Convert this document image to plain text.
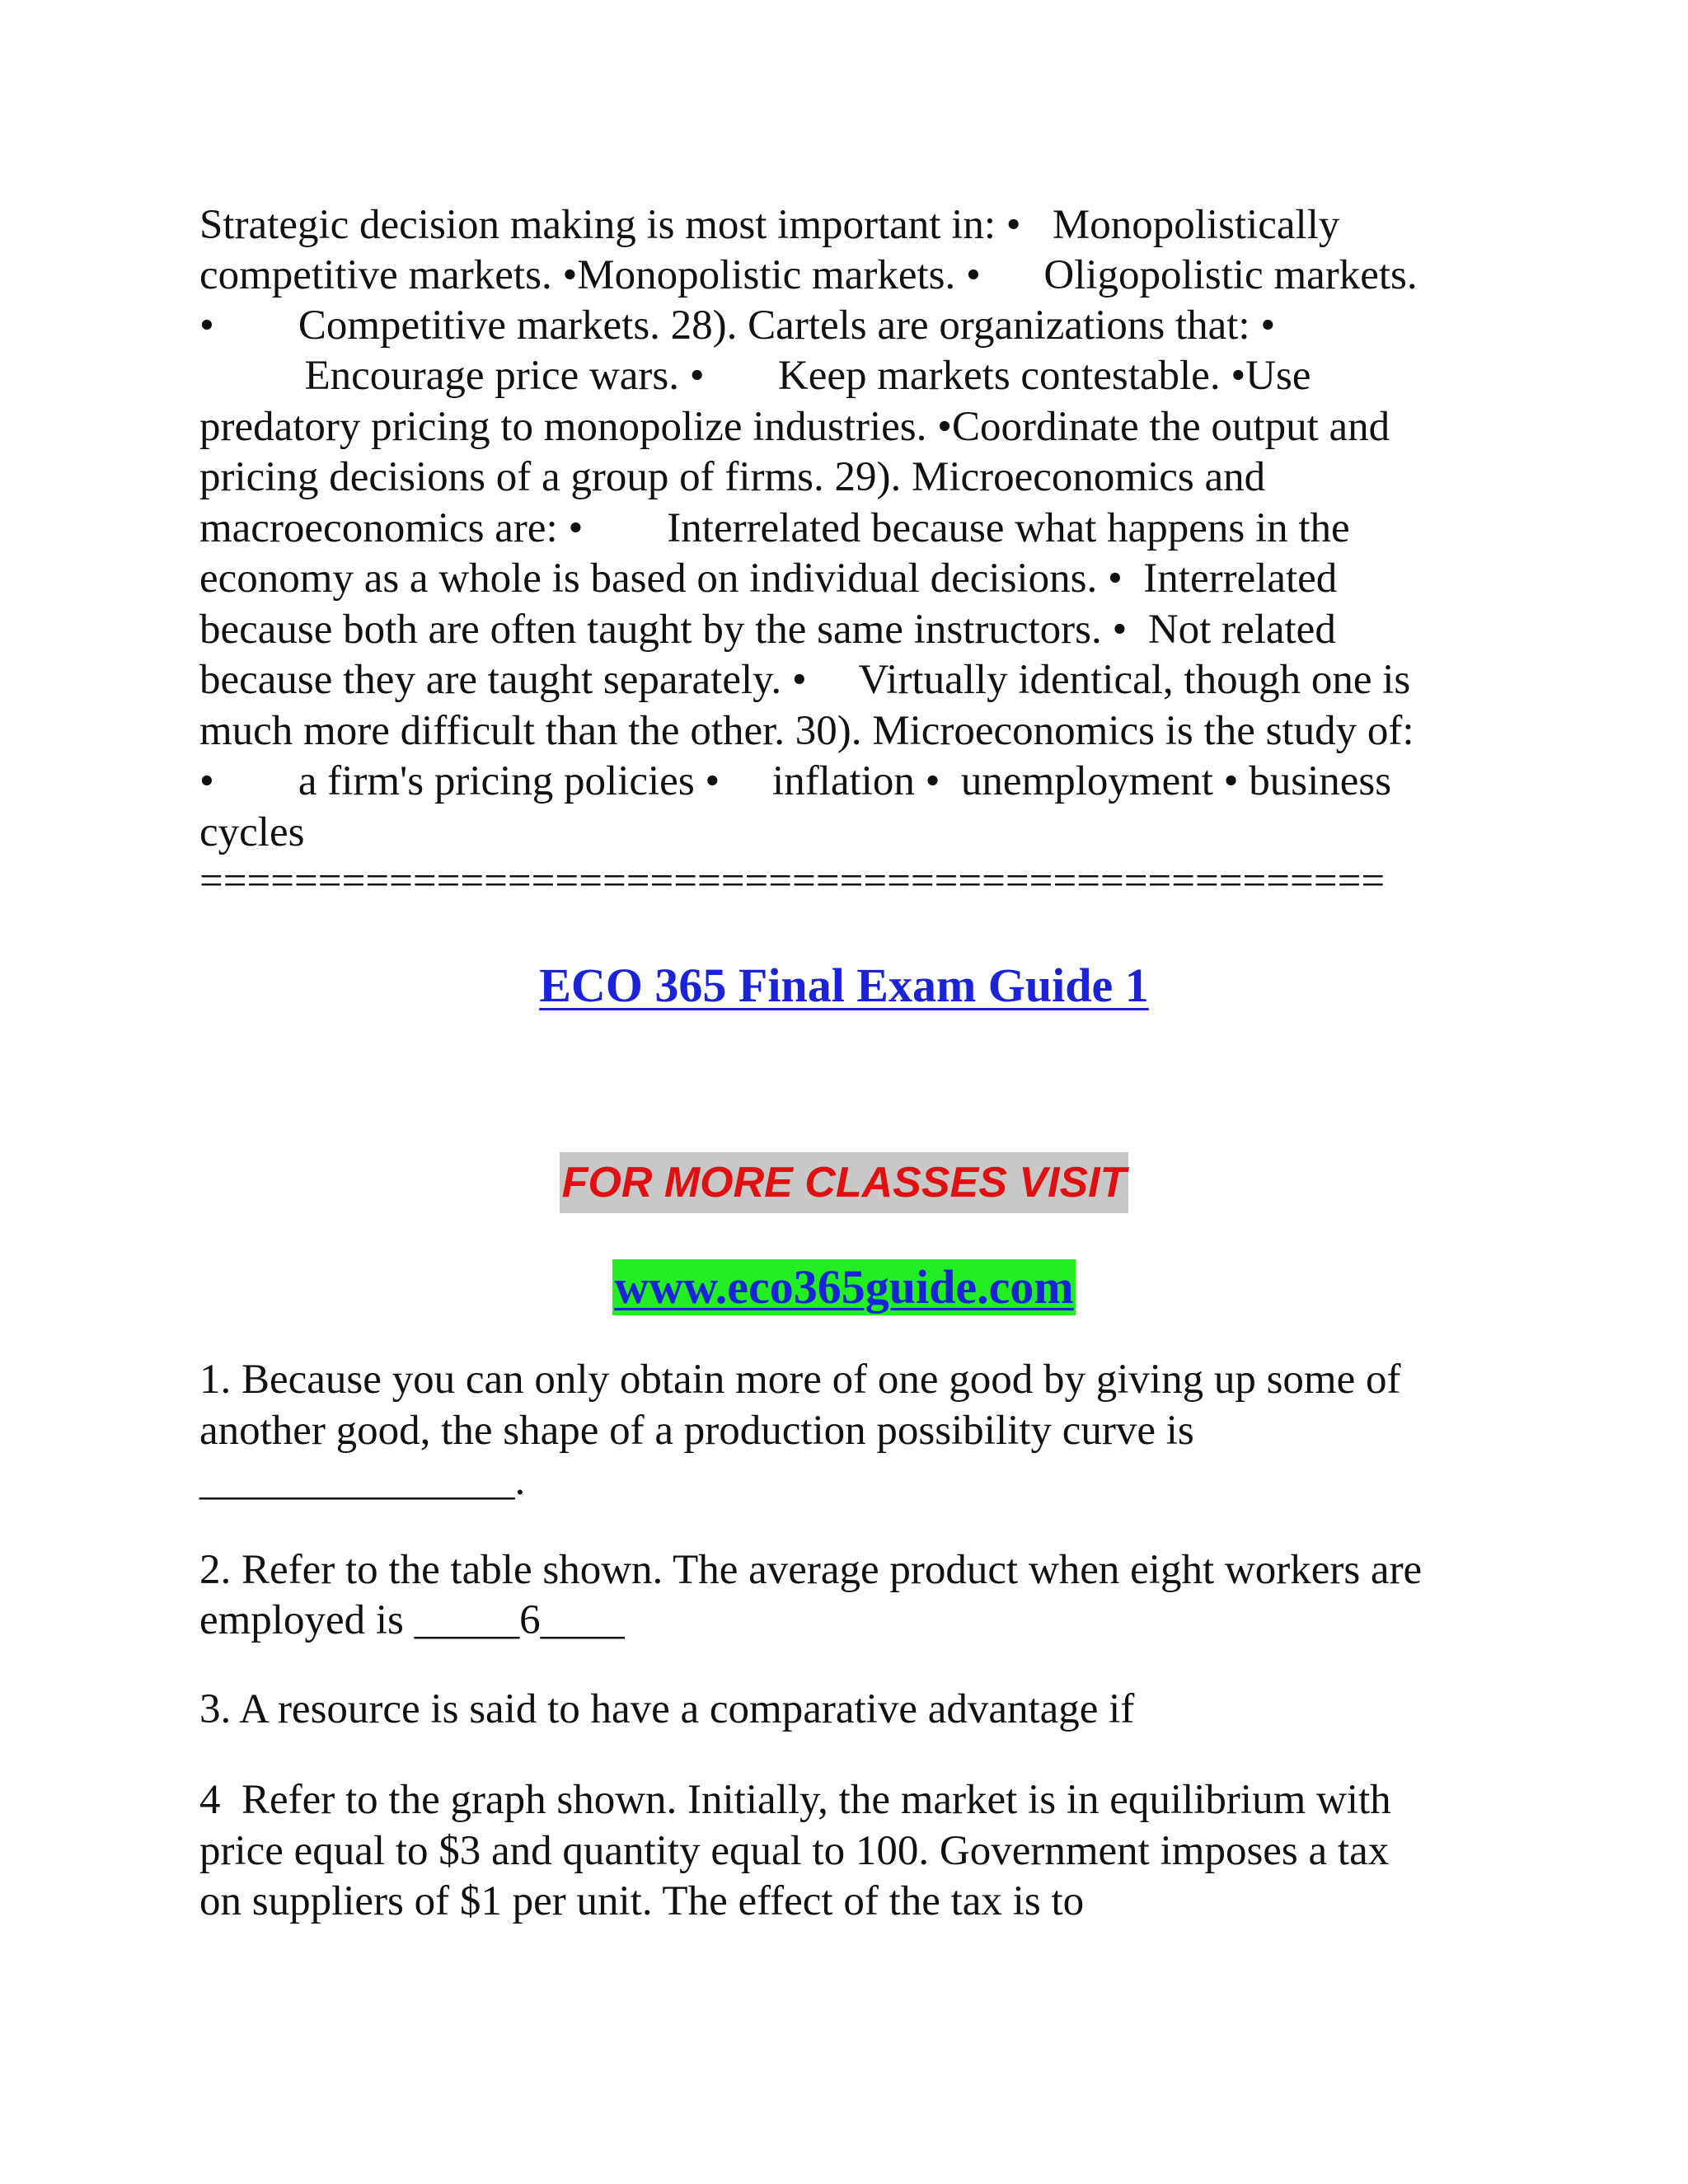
Strategic decision making is most important in: •   Monopolistically
competitive markets. •Monopolistic markets. •      Oligopolistic markets.
•        Competitive markets. 28). Cartels are organizations that: •
Encourage price wars. •       Keep markets contestable. •Use
predatory pricing to monopolize industries. •Coordinate the output and
pricing decisions of a group of firms. 29). Microeconomics and
macroeconomics are: •        Interrelated because what happens in the
economy as a whole is based on individual decisions. •  Interrelated
because both are often taught by the same instructors. •  Not related
because they are taught separately. •     Virtually identical, though one is
much more difficult than the other. 30). Microeconomics is the study of:
•        a firm's pricing policies •     inflation •  unemployment • business
cycles
==================================================
ECO 365 Final Exam Guide 1
FOR MORE CLASSES VISIT
www.eco365guide.com
1. Because you can only obtain more of one good by giving up some of
another good, the shape of a production possibility curve is
_______________.
2. Refer to the table shown. The average product when eight workers are
employed is _____6____
3. A resource is said to have a comparative advantage if
4  Refer to the graph shown. Initially, the market is in equilibrium with
price equal to $3 and quantity equal to 100. Government imposes a tax
on suppliers of $1 per unit. The effect of the tax is to
